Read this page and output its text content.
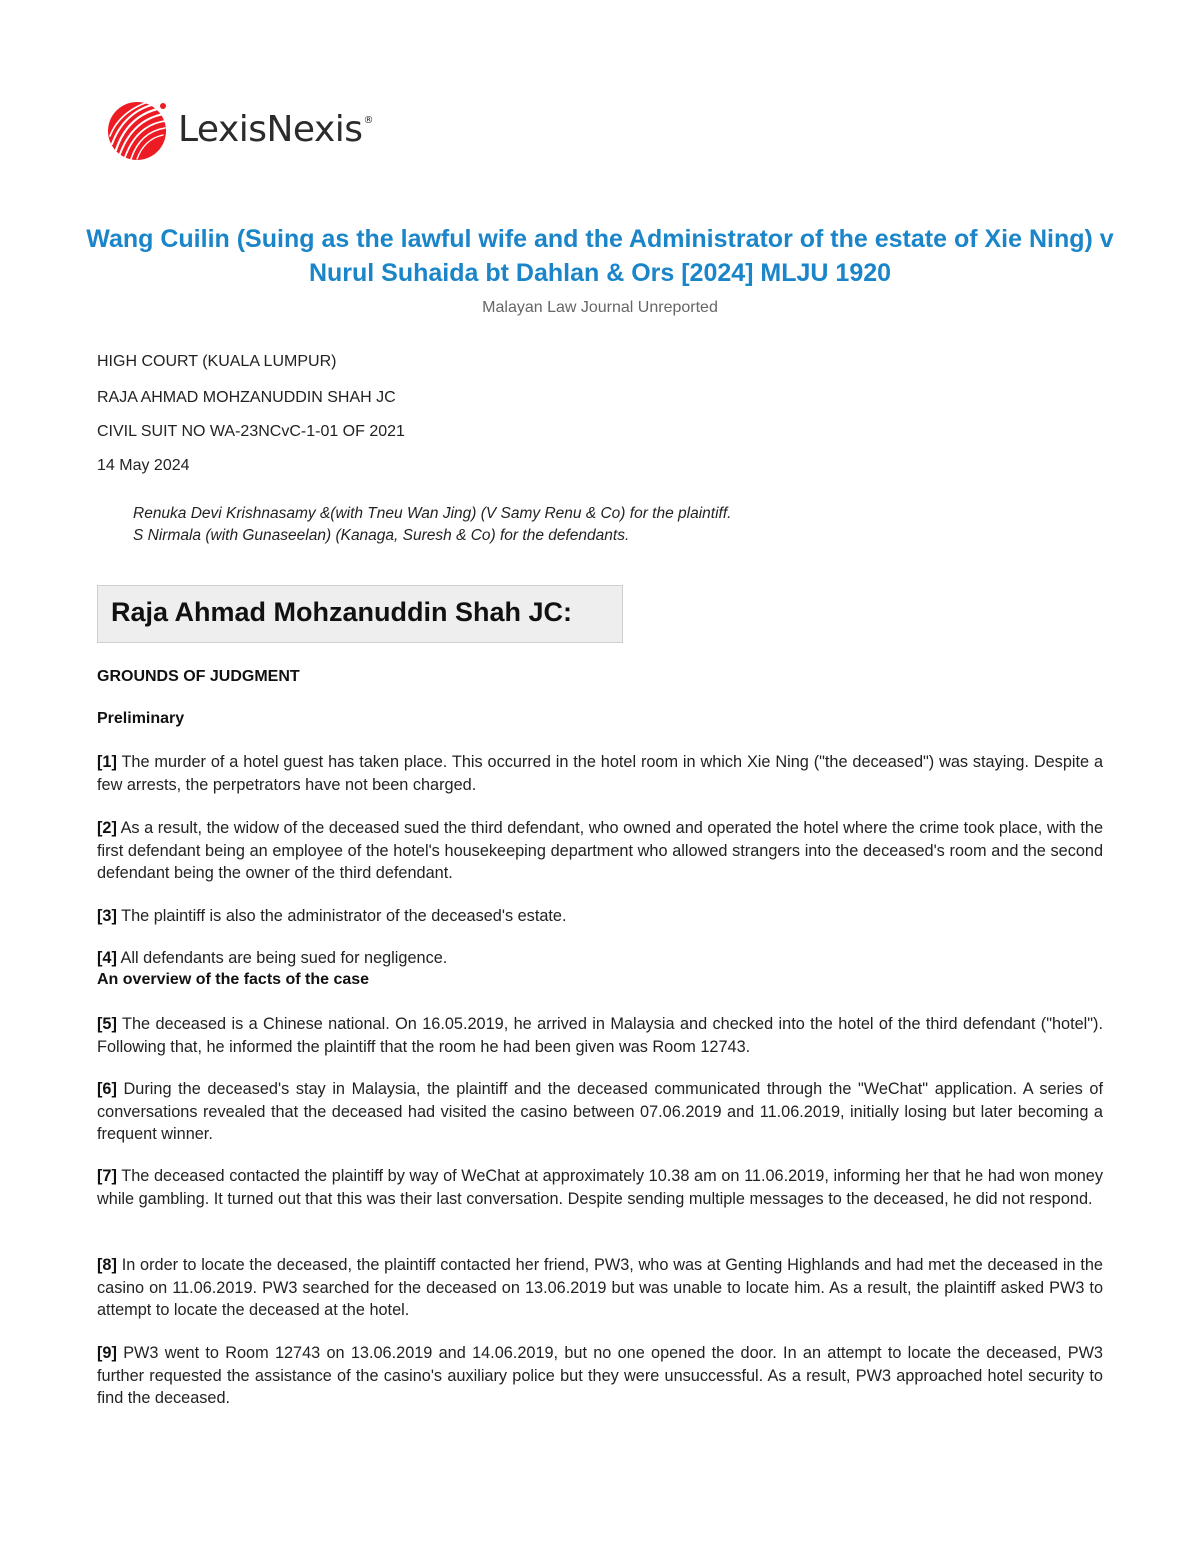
LexisNexis®
Wang Cuilin (Suing as the lawful wife and the Administrator of the estate of Xie Ning) v Nurul Suhaida bt Dahlan & Ors [2024] MLJU 1920
Malayan Law Journal Unreported
HIGH COURT (KUALA LUMPUR)
RAJA AHMAD MOHZANUDDIN SHAH JC
CIVIL SUIT NO WA-23NCvC-1-01 OF 2021
14 May 2024
Renuka Devi Krishnasamy &(with Tneu Wan Jing) (V Samy Renu & Co) for the plaintiff.
S Nirmala (with Gunaseelan) (Kanaga, Suresh & Co) for the defendants.
Raja Ahmad Mohzanuddin Shah JC:
GROUNDS OF JUDGMENT
Preliminary
[1] The murder of a hotel guest has taken place. This occurred in the hotel room in which Xie Ning ("the deceased") was staying. Despite a few arrests, the perpetrators have not been charged.
[2] As a result, the widow of the deceased sued the third defendant, who owned and operated the hotel where the crime took place, with the first defendant being an employee of the hotel's housekeeping department who allowed strangers into the deceased's room and the second defendant being the owner of the third defendant.
[3] The plaintiff is also the administrator of the deceased's estate.
[4] All defendants are being sued for negligence.
An overview of the facts of the case
[5] The deceased is a Chinese national. On 16.05.2019, he arrived in Malaysia and checked into the hotel of the third defendant ("hotel"). Following that, he informed the plaintiff that the room he had been given was Room 12743.
[6] During the deceased's stay in Malaysia, the plaintiff and the deceased communicated through the "WeChat" application. A series of conversations revealed that the deceased had visited the casino between 07.06.2019 and 11.06.2019, initially losing but later becoming a frequent winner.
[7] The deceased contacted the plaintiff by way of WeChat at approximately 10.38 am on 11.06.2019, informing her that he had won money while gambling. It turned out that this was their last conversation. Despite sending multiple messages to the deceased, he did not respond.
[8] In order to locate the deceased, the plaintiff contacted her friend, PW3, who was at Genting Highlands and had met the deceased in the casino on 11.06.2019. PW3 searched for the deceased on 13.06.2019 but was unable to locate him. As a result, the plaintiff asked PW3 to attempt to locate the deceased at the hotel.
[9] PW3 went to Room 12743 on 13.06.2019 and 14.06.2019, but no one opened the door. In an attempt to locate the deceased, PW3 further requested the assistance of the casino's auxiliary police but they were unsuccessful. As a result, PW3 approached hotel security to find the deceased.
